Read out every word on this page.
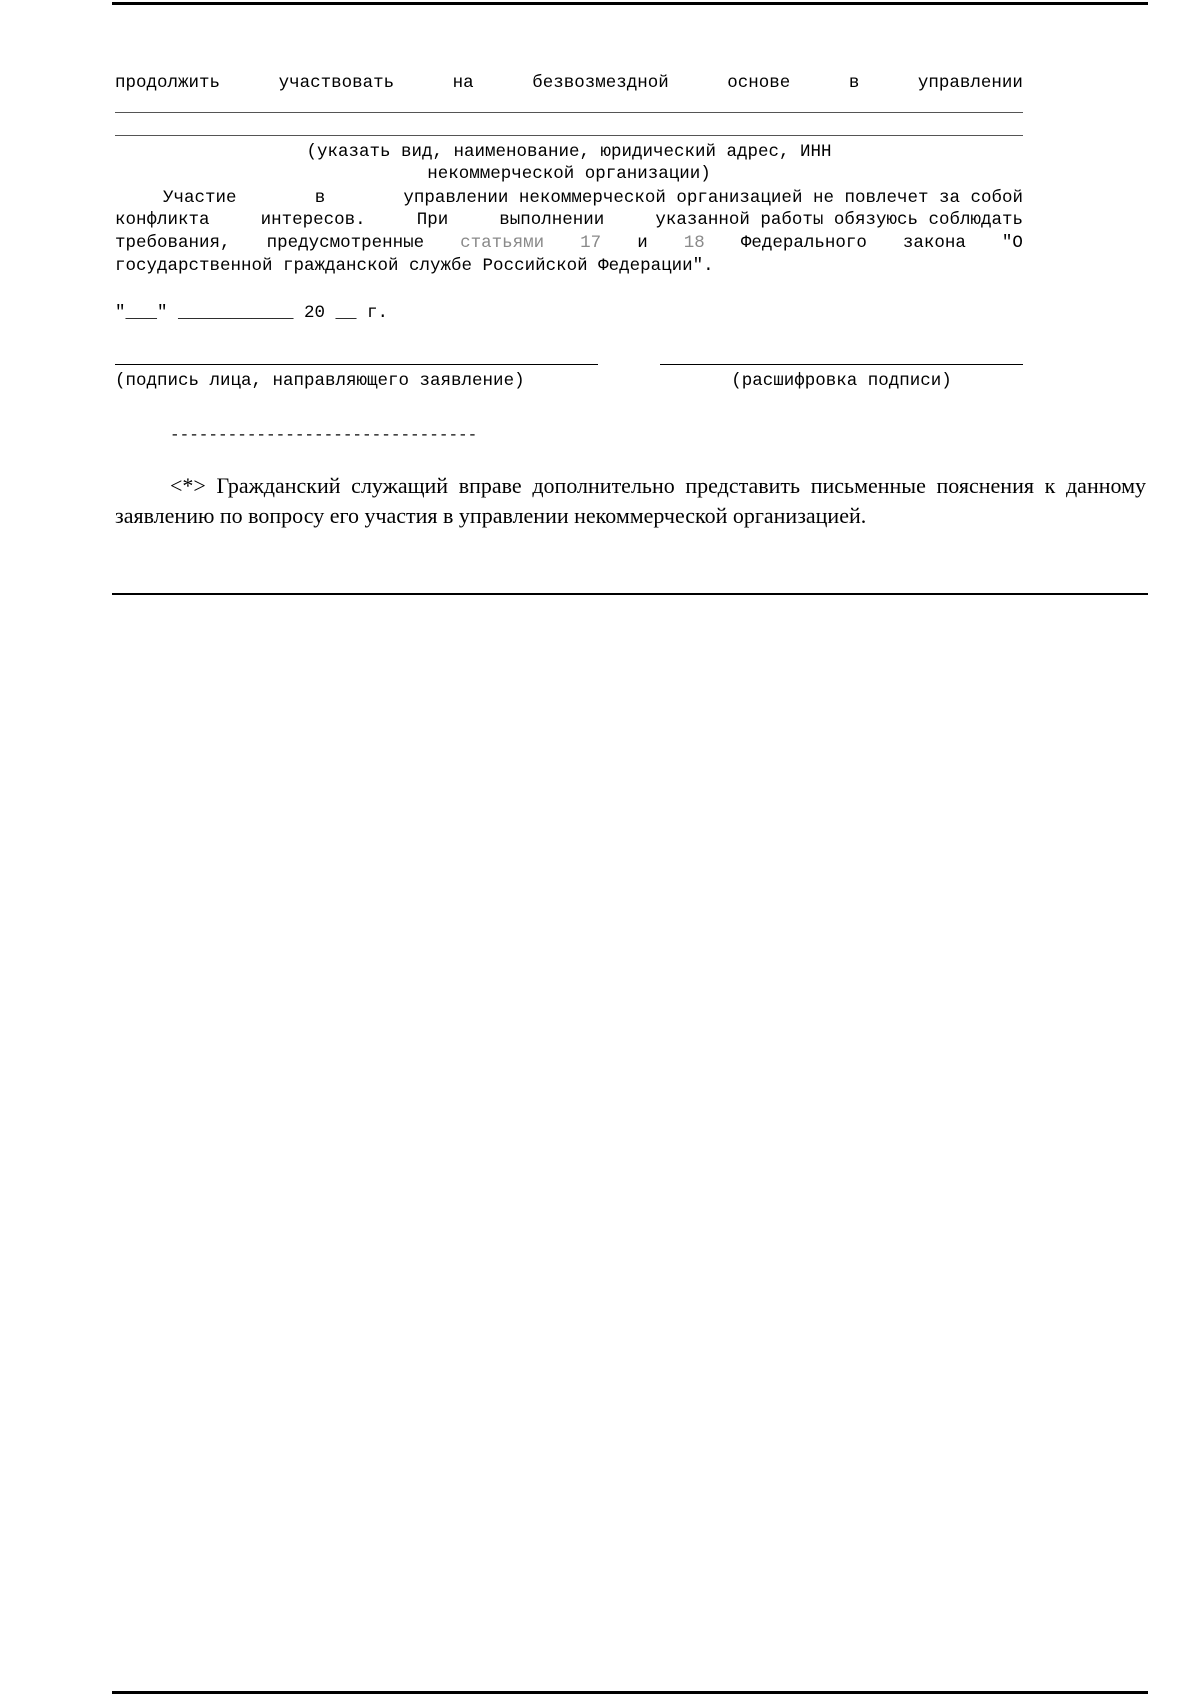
продолжить	участвовать	на	безвозмездной	основе	в	управлении
(указать вид, наименование, юридический адрес, ИНН
некоммерческой организации)
Участие	в	управлении некоммерческой организацией не повлечет за собой
конфликта	интересов.	При	выполнении	указанной работы обязуюсь соблюдать
требования, предусмотренные статьями 17 и 18 Федерального закона "О
государственной гражданской службе Российской Федерации".
"___" ___________ 20 __ г.
(подпись лица, направляющего заявление)	(расшифровка подписи)
--------------------------------
<*> Гражданский служащий вправе дополнительно представить письменные пояснения к данному заявлению по вопросу его участия в управлении некоммерческой организацией.
